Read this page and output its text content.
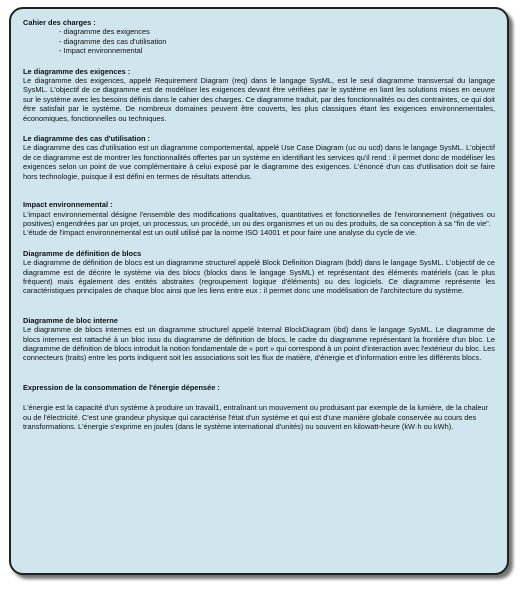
Cahier des charges :

- diagramme des exigences
- diagramme des cas d'utilisation
- Impact environnemental

Le diagramme des exigences :

Le diagramme des exigences, appelé Requirement Diagram (req) dans le langage SysML, est le seul diagramme transversal du langage SysML. L'objectif de ce diagramme est de modéliser les exigences devant être vérifiées par le système en liant les solutions mises en oeuvre sur le système avec les besoins définis dans le cahier des charges. Ce diagramme traduit, par des fonctionnalités ou des contraintes, ce qui doit être satisfait par le système. De nombreux domaines peuvent être couverts, les plus classiques étant les exigences environnementales, économiques, fonctionnelles ou techniques.

Le diagramme des cas d'utilisation :

Le diagramme des cas d'utilisation est un diagramme comportemental, appelé Use Case Diagram (uc ou ucd) dans le langage SysML. L'objectif de ce diagramme est de montrer les fonctionnalités offertes par un système en identifiant les services qu'il rend : il permet donc de modéliser les exigences selon un point de vue complémentaire à celui exposé par le diagramme des exigences. L'énoncé d'un cas d'utilisation doit se faire hors technologie, puisque il est défini en termes de résultats attendus.

Impact environnemental :

L'impact environnemental désigne l'ensemble des modifications qualitatives, quantitatives et fonctionnelles de l'environnement (négatives ou positives) engendrées par un projet, un processus, un procédé, un ou des organismes et un ou des produits, de sa conception à sa "fin de vie".

L'étude de l'impact environnemental est un outil utilisé par la norme ISO 14001 et pour faire une analyse du cycle de vie.

Diagramme de définition de blocs

Le diagramme de définition de blocs est un diagramme structurel appelé Block Definition Diagram (bdd) dans le langage SysML. L'objectif de ce diagramme est de décrire le système via des blocs (blocks dans le langage SysML) et représentant des éléments matériels (cas le plus fréquent) mais également des entités abstraites (regroupement logique d'éléments) ou des logiciels. Ce diagramme représente les caractéristiques principales de chaque bloc ainsi que les liens entre eux : il permet donc une modélisation de l'architecture du système.

Diagramme de bloc interne

Le diagramme de blocs internes est un diagramme structurel appelé Internal BlockDiagram (ibd) dans le langage SysML. Le diagramme de blocs internes est rattaché à un bloc issu du diagramme de définition de blocs, le cadre du diagramme représentant la frontière d'un bloc. Le diagramme de définition de blocs introduit la notion fondamentale de « port » qui correspond à un point d'interaction avec l'extérieur du bloc. Les connecteurs (traits) entre les ports indiquent soit les associations soit les flux de matière, d'énergie et d'information entre les différents blocs.

Expression de la consommation de l'énergie dépensée :

L'énergie est la capacité d'un système à produire un travail1, entraînant un mouvement ou produisant par exemple de la lumière, de la chaleur ou de l'électricité. C'est une grandeur physique qui caractérise l'état d'un système et qui est d'une manière globale conservée au cours des transformations. L'énergie s'exprime en joules (dans le système international d'unités) ou souvent en kilowatt-heure (kW·h ou kWh).
